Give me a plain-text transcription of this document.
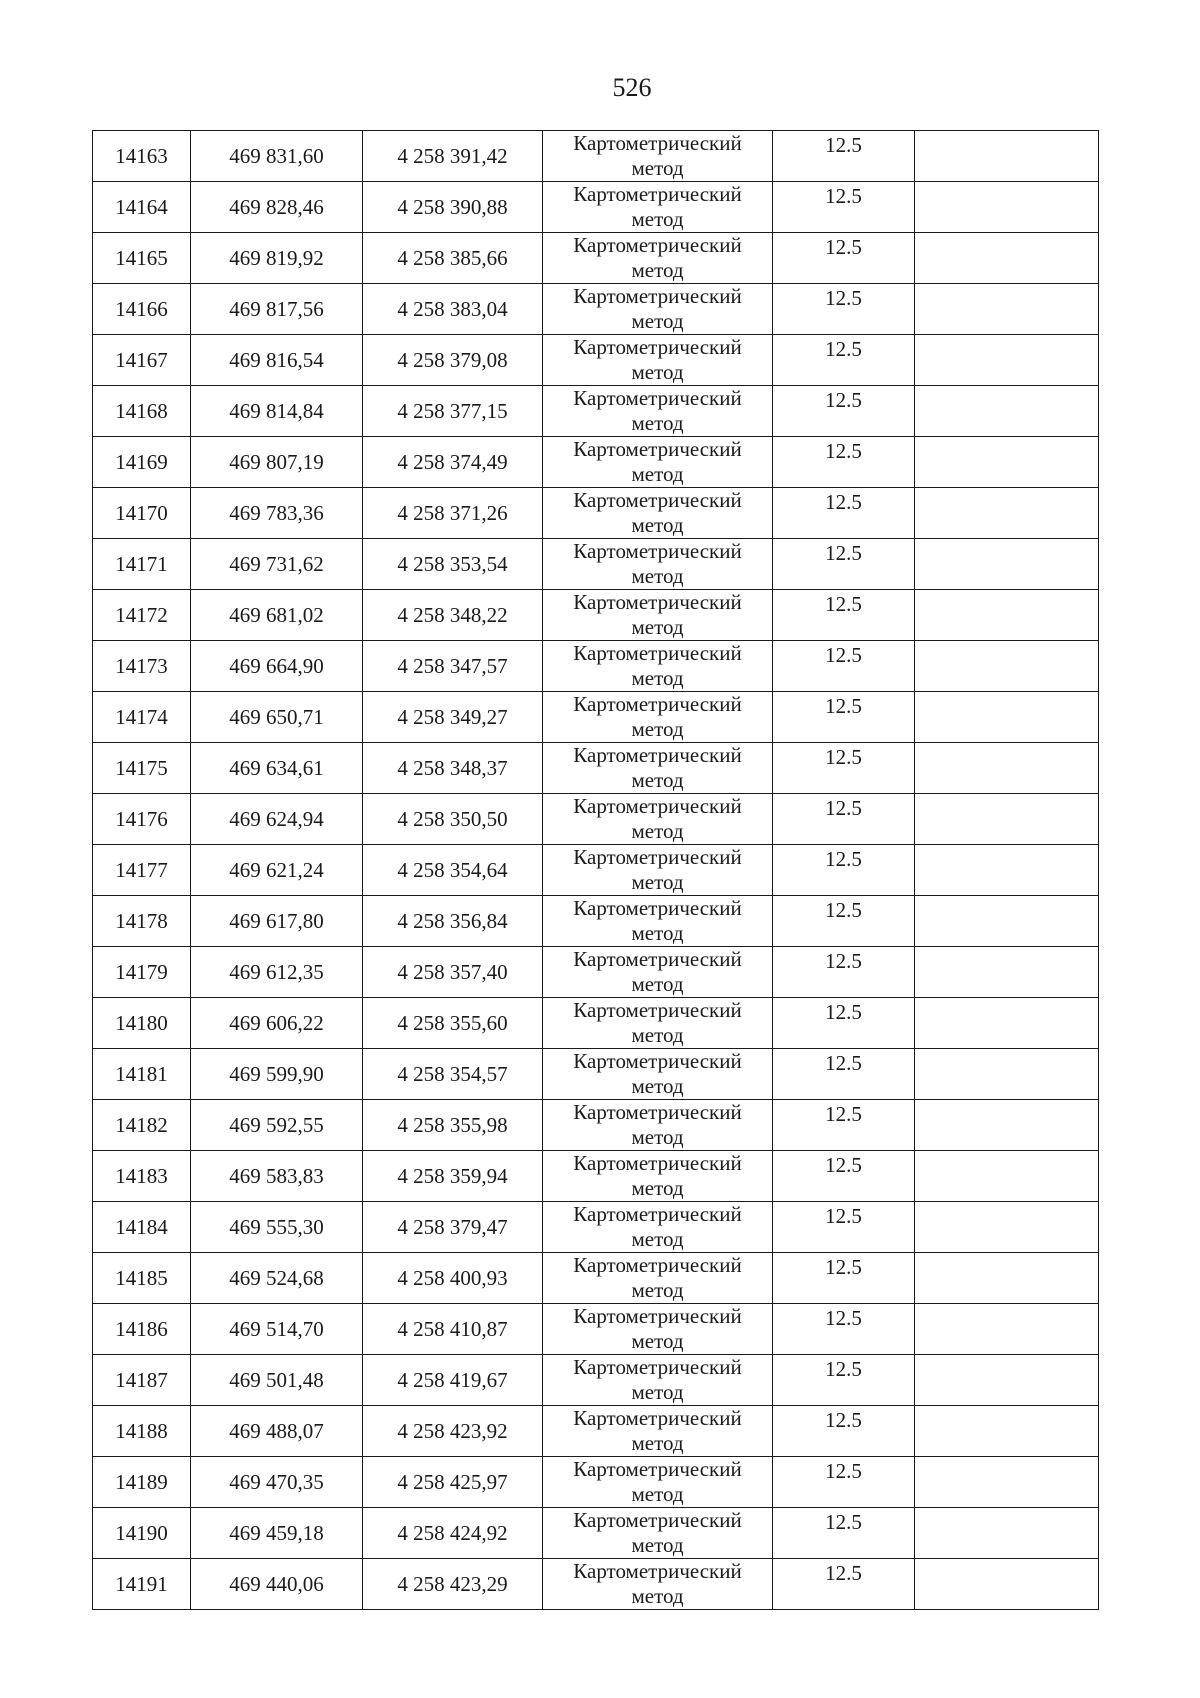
526
14163	469 831,60	4 258 391,42	Картометрический
метод	12.5	
14164	469 828,46	4 258 390,88	Картометрический
метод	12.5	
14165	469 819,92	4 258 385,66	Картометрический
метод	12.5	
14166	469 817,56	4 258 383,04	Картометрический
метод	12.5	
14167	469 816,54	4 258 379,08	Картометрический
метод	12.5	
14168	469 814,84	4 258 377,15	Картометрический
метод	12.5	
14169	469 807,19	4 258 374,49	Картометрический
метод	12.5	
14170	469 783,36	4 258 371,26	Картометрический
метод	12.5	
14171	469 731,62	4 258 353,54	Картометрический
метод	12.5	
14172	469 681,02	4 258 348,22	Картометрический
метод	12.5	
14173	469 664,90	4 258 347,57	Картометрический
метод	12.5	
14174	469 650,71	4 258 349,27	Картометрический
метод	12.5	
14175	469 634,61	4 258 348,37	Картометрический
метод	12.5	
14176	469 624,94	4 258 350,50	Картометрический
метод	12.5	
14177	469 621,24	4 258 354,64	Картометрический
метод	12.5	
14178	469 617,80	4 258 356,84	Картометрический
метод	12.5	
14179	469 612,35	4 258 357,40	Картометрический
метод	12.5	
14180	469 606,22	4 258 355,60	Картометрический
метод	12.5	
14181	469 599,90	4 258 354,57	Картометрический
метод	12.5	
14182	469 592,55	4 258 355,98	Картометрический
метод	12.5	
14183	469 583,83	4 258 359,94	Картометрический
метод	12.5	
14184	469 555,30	4 258 379,47	Картометрический
метод	12.5	
14185	469 524,68	4 258 400,93	Картометрический
метод	12.5	
14186	469 514,70	4 258 410,87	Картометрический
метод	12.5	
14187	469 501,48	4 258 419,67	Картометрический
метод	12.5	
14188	469 488,07	4 258 423,92	Картометрический
метод	12.5	
14189	469 470,35	4 258 425,97	Картометрический
метод	12.5	
14190	469 459,18	4 258 424,92	Картометрический
метод	12.5	
14191	469 440,06	4 258 423,29	Картометрический
метод	12.5	
